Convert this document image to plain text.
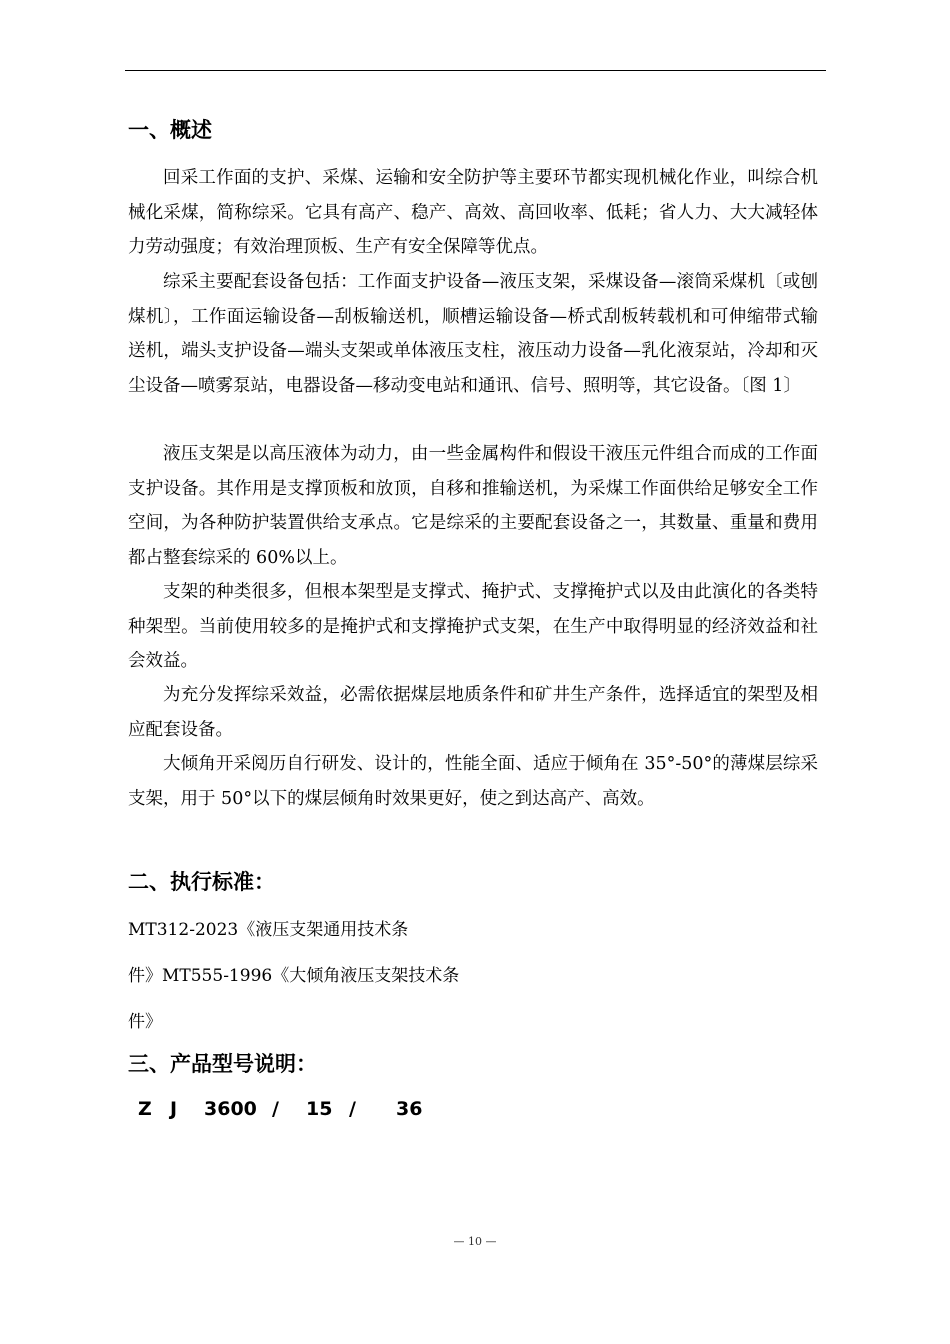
一、概述

回采工作面的支护、采煤、运输和安全防护等主要环节都实现机械化作业，叫综合机械化采煤，简称综采。它具有高产、稳产、高效、高回收率、低耗；省人力、大大减轻体力劳动强度；有效治理顶板、生产有安全保障等优点。

综采主要配套设备包括：工作面支护设备—液压支架，采煤设备—滚筒采煤机〔或刨煤机〕，工作面运输设备—刮板输送机，顺槽运输设备—桥式刮板转载机和可伸缩带式输送机，端头支护设备—端头支架或单体液压支柱，液压动力设备—乳化液泵站，冷却和灭尘设备—喷雾泵站，电器设备—移动变电站和通讯、信号、照明等，其它设备。〔图 1〕

液压支架是以高压液体为动力，由一些金属构件和假设干液压元件组合而成的工作面支护设备。其作用是支撑顶板和放顶，自移和推输送机，为采煤工作面供给足够安全工作空间，为各种防护装置供给支承点。它是综采的主要配套设备之一，其数量、重量和费用都占整套综采的 60%以上。

支架的种类很多，但根本架型是支撑式、掩护式、支撑掩护式以及由此演化的各类特种架型。当前使用较多的是掩护式和支撑掩护式支架，在生产中取得明显的经济效益和社会效益。

为充分发挥综采效益，必需依据煤层地质条件和矿井生产条件，选择适宜的架型及相应配套设备。

大倾角开采阅历自行研发、设计的，性能全面、适应于倾角在 35°-50°的薄煤层综采支架，用于 50°以下的煤层倾角时效果更好，使之到达高产、高效。

二、执行标准：
MT312-2023《液压支架通用技术条
件》MT555-1996《大倾角液压支架技术条
件》
三、产品型号说明：
Z J 3600 / 15 / 36
— 10 —
